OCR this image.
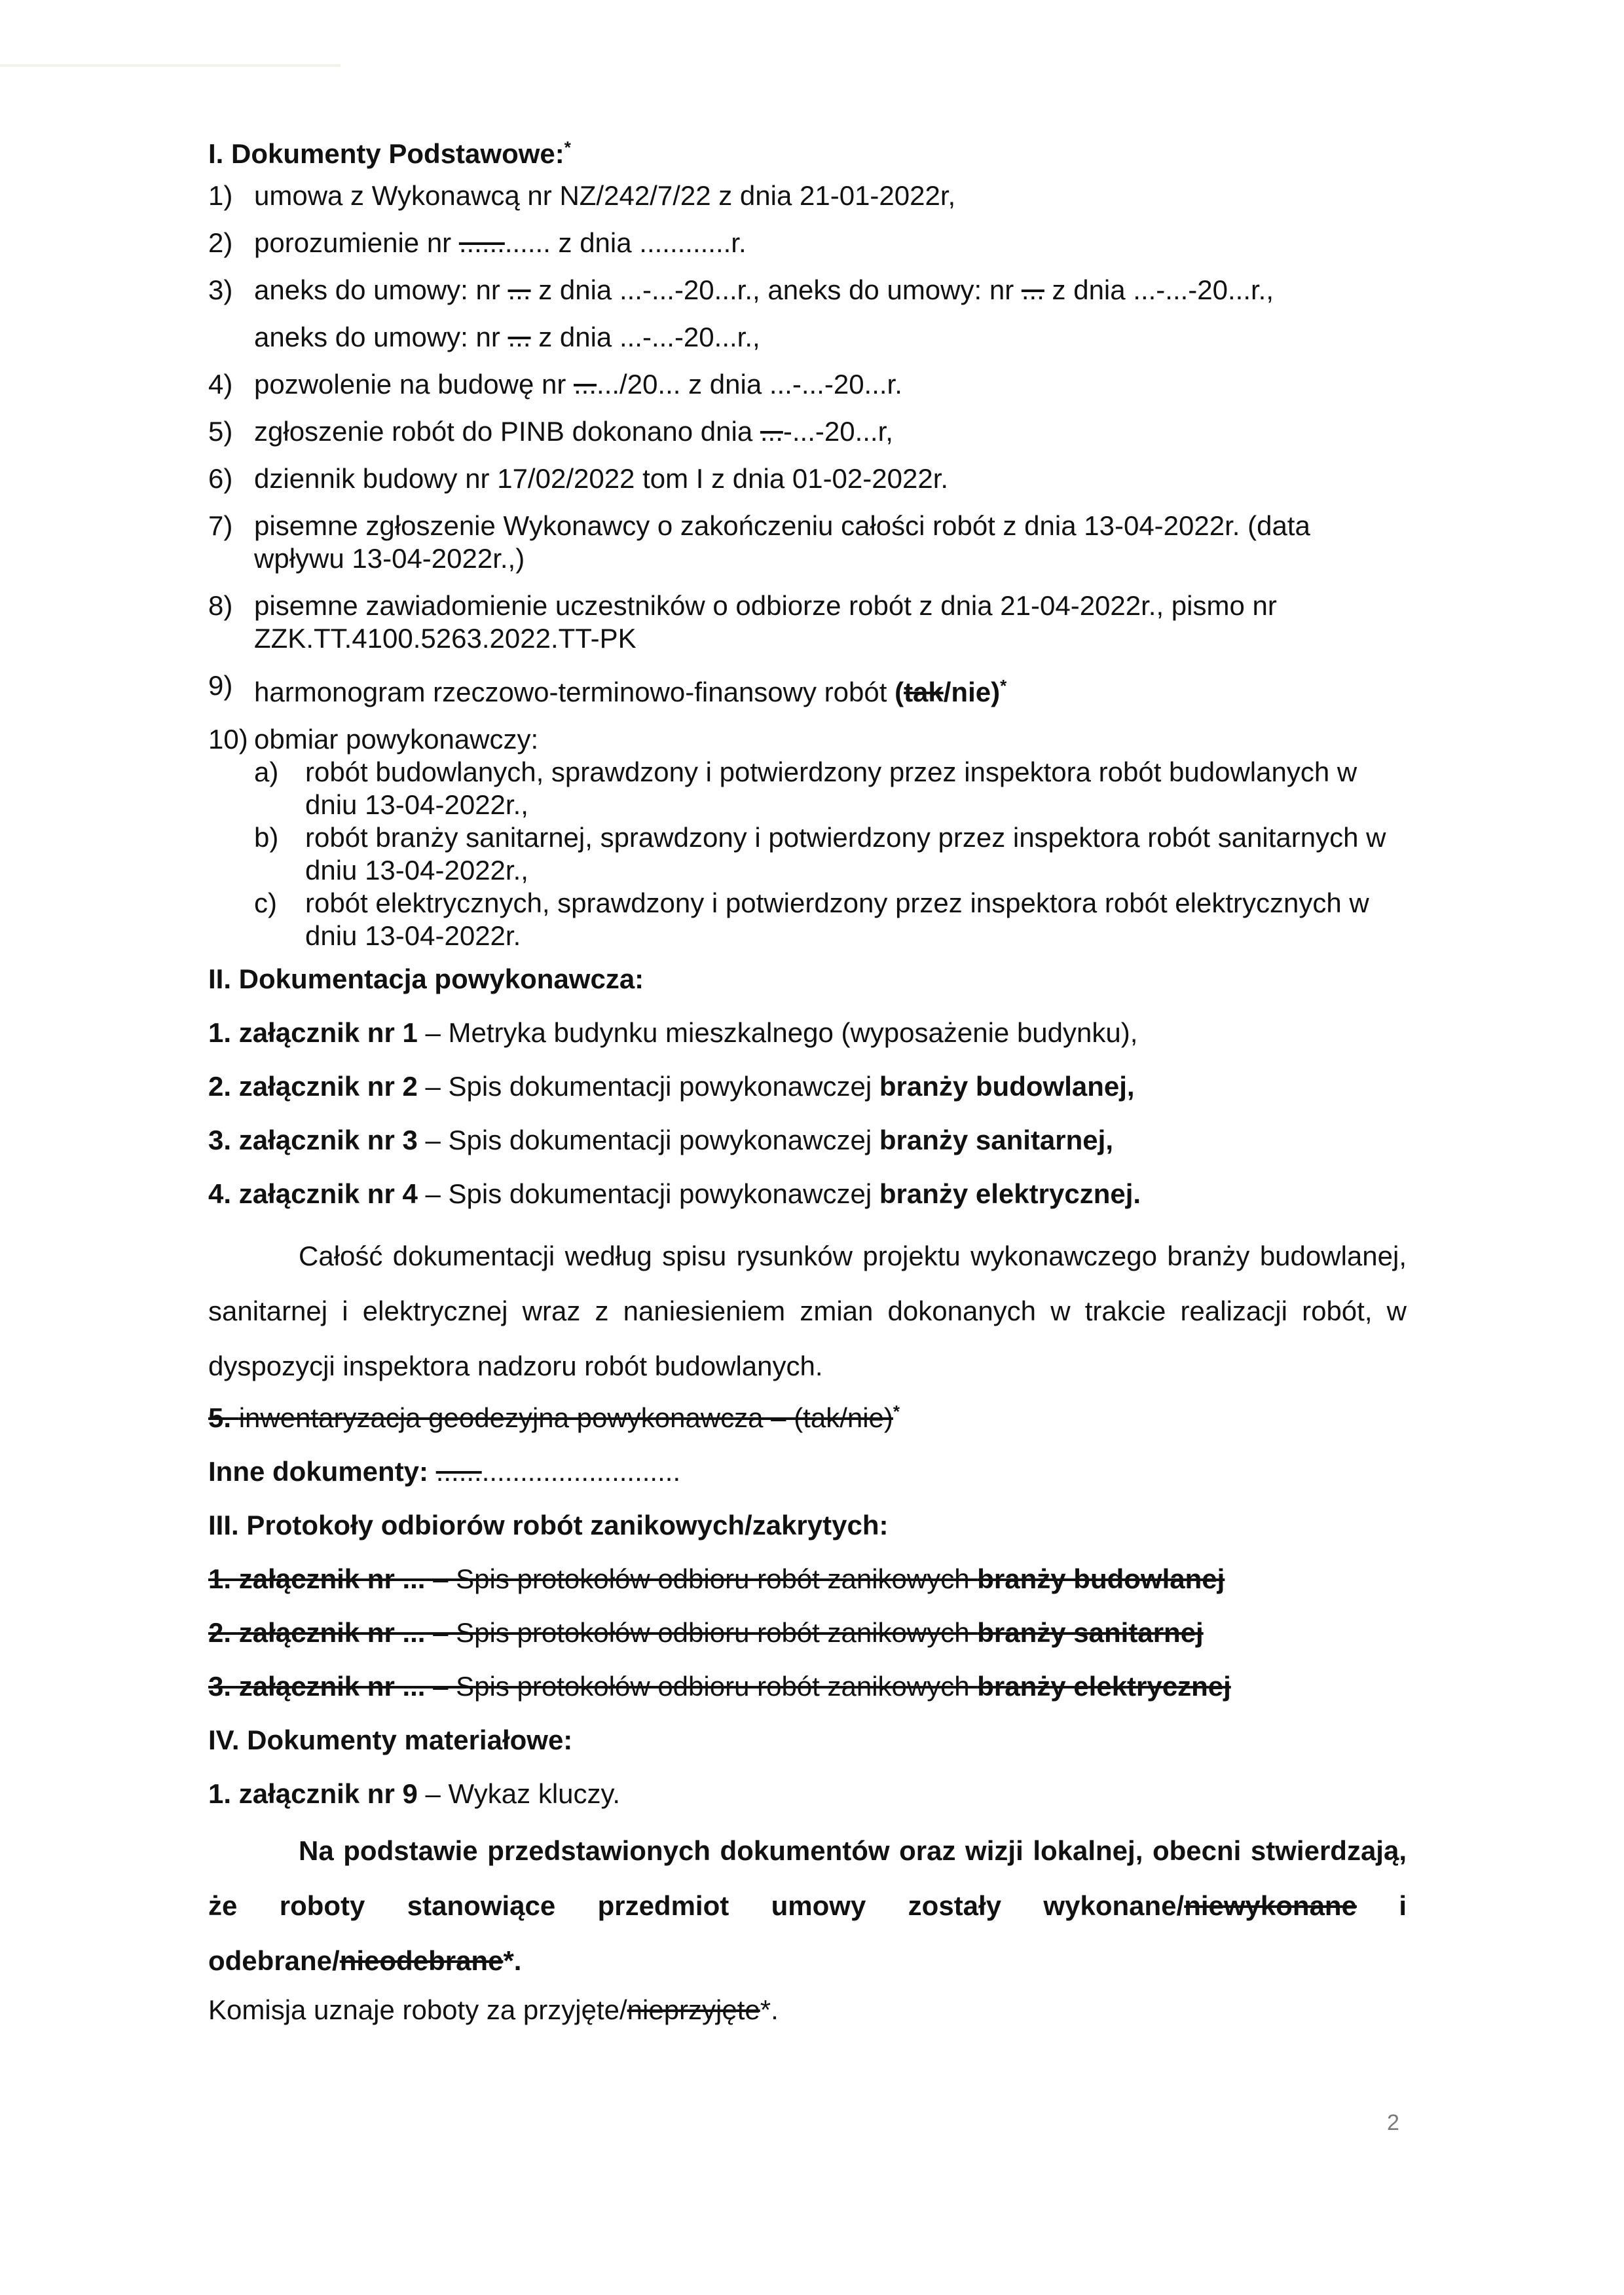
I. Dokumenty Podstawowe:*
1) umowa z Wykonawcą nr NZ/242/7/22 z dnia 21-01-2022r,
2) porozumienie nr ............ z dnia ............r.
3) aneks do umowy: nr ... z dnia ...-...-20...r., aneks do umowy: nr ... z dnia ...-...-20...r.,
aneks do umowy: nr ... z dnia ...-...-20...r.,
4) pozwolenie na budowę nr ....../20... z dnia ...-...-20...r.
5) zgłoszenie robót do PINB dokonano dnia ...-...-20...r,
6) dziennik budowy nr 17/02/2022 tom I z dnia 01-02-2022r.
7) pisemne zgłoszenie Wykonawcy o zakończeniu całości robót z dnia 13-04-2022r. (data wpływu 13-04-2022r.,)
8) pisemne zawiadomienie uczestników o odbiorze robót z dnia 21-04-2022r., pismo nr ZZK.TT.4100.5263.2022.TT-PK
9) harmonogram rzeczowo-terminowo-finansowy robót (tak/nie)*
10) obmiar powykonawczy:
a) robót budowlanych, sprawdzony i potwierdzony przez inspektora robót budowlanych w dniu 13-04-2022r.,
b) robót branży sanitarnej, sprawdzony i potwierdzony przez inspektora robót sanitarnych w dniu 13-04-2022r.,
c) robót elektrycznych, sprawdzony i potwierdzony przez inspektora robót elektrycznych w dniu 13-04-2022r.
II. Dokumentacja powykonawcza:
1. załącznik nr 1 – Metryka budynku mieszkalnego (wyposażenie budynku),
2. załącznik nr 2 – Spis dokumentacji powykonawczej branży budowlanej,
3. załącznik nr 3 – Spis dokumentacji powykonawczej branży sanitarnej,
4. załącznik nr 4 – Spis dokumentacji powykonawczej branży elektrycznej.
Całość dokumentacji według spisu rysunków projektu wykonawczego branży budowlanej, sanitarnej i elektrycznej wraz z naniesieniem zmian dokonanych w trakcie realizacji robót, w dyspozycji inspektora nadzoru robót budowlanych.
5. inwentaryzacja geodezyjna powykonawcza – (tak/nie)*
Inne dokumenty: ................................
III. Protokoły odbiorów robót zanikowych/zakrytych:
1. załącznik nr ... – Spis protokołów odbioru robót zanikowych branży budowlanej
2. załącznik nr ... – Spis protokołów odbioru robót zanikowych branży sanitarnej
3. załącznik nr ... – Spis protokołów odbioru robót zanikowych branży elektrycznej
IV. Dokumenty materiałowe:
1. załącznik nr 9 – Wykaz kluczy.
Na podstawie przedstawionych dokumentów oraz wizji lokalnej, obecni stwierdzają, że roboty stanowiące przedmiot umowy zostały wykonane/niewykonane i odebrane/nieodebrane*.
Komisja uznaje roboty za przyjęte/nieprzyjęte*.
2
